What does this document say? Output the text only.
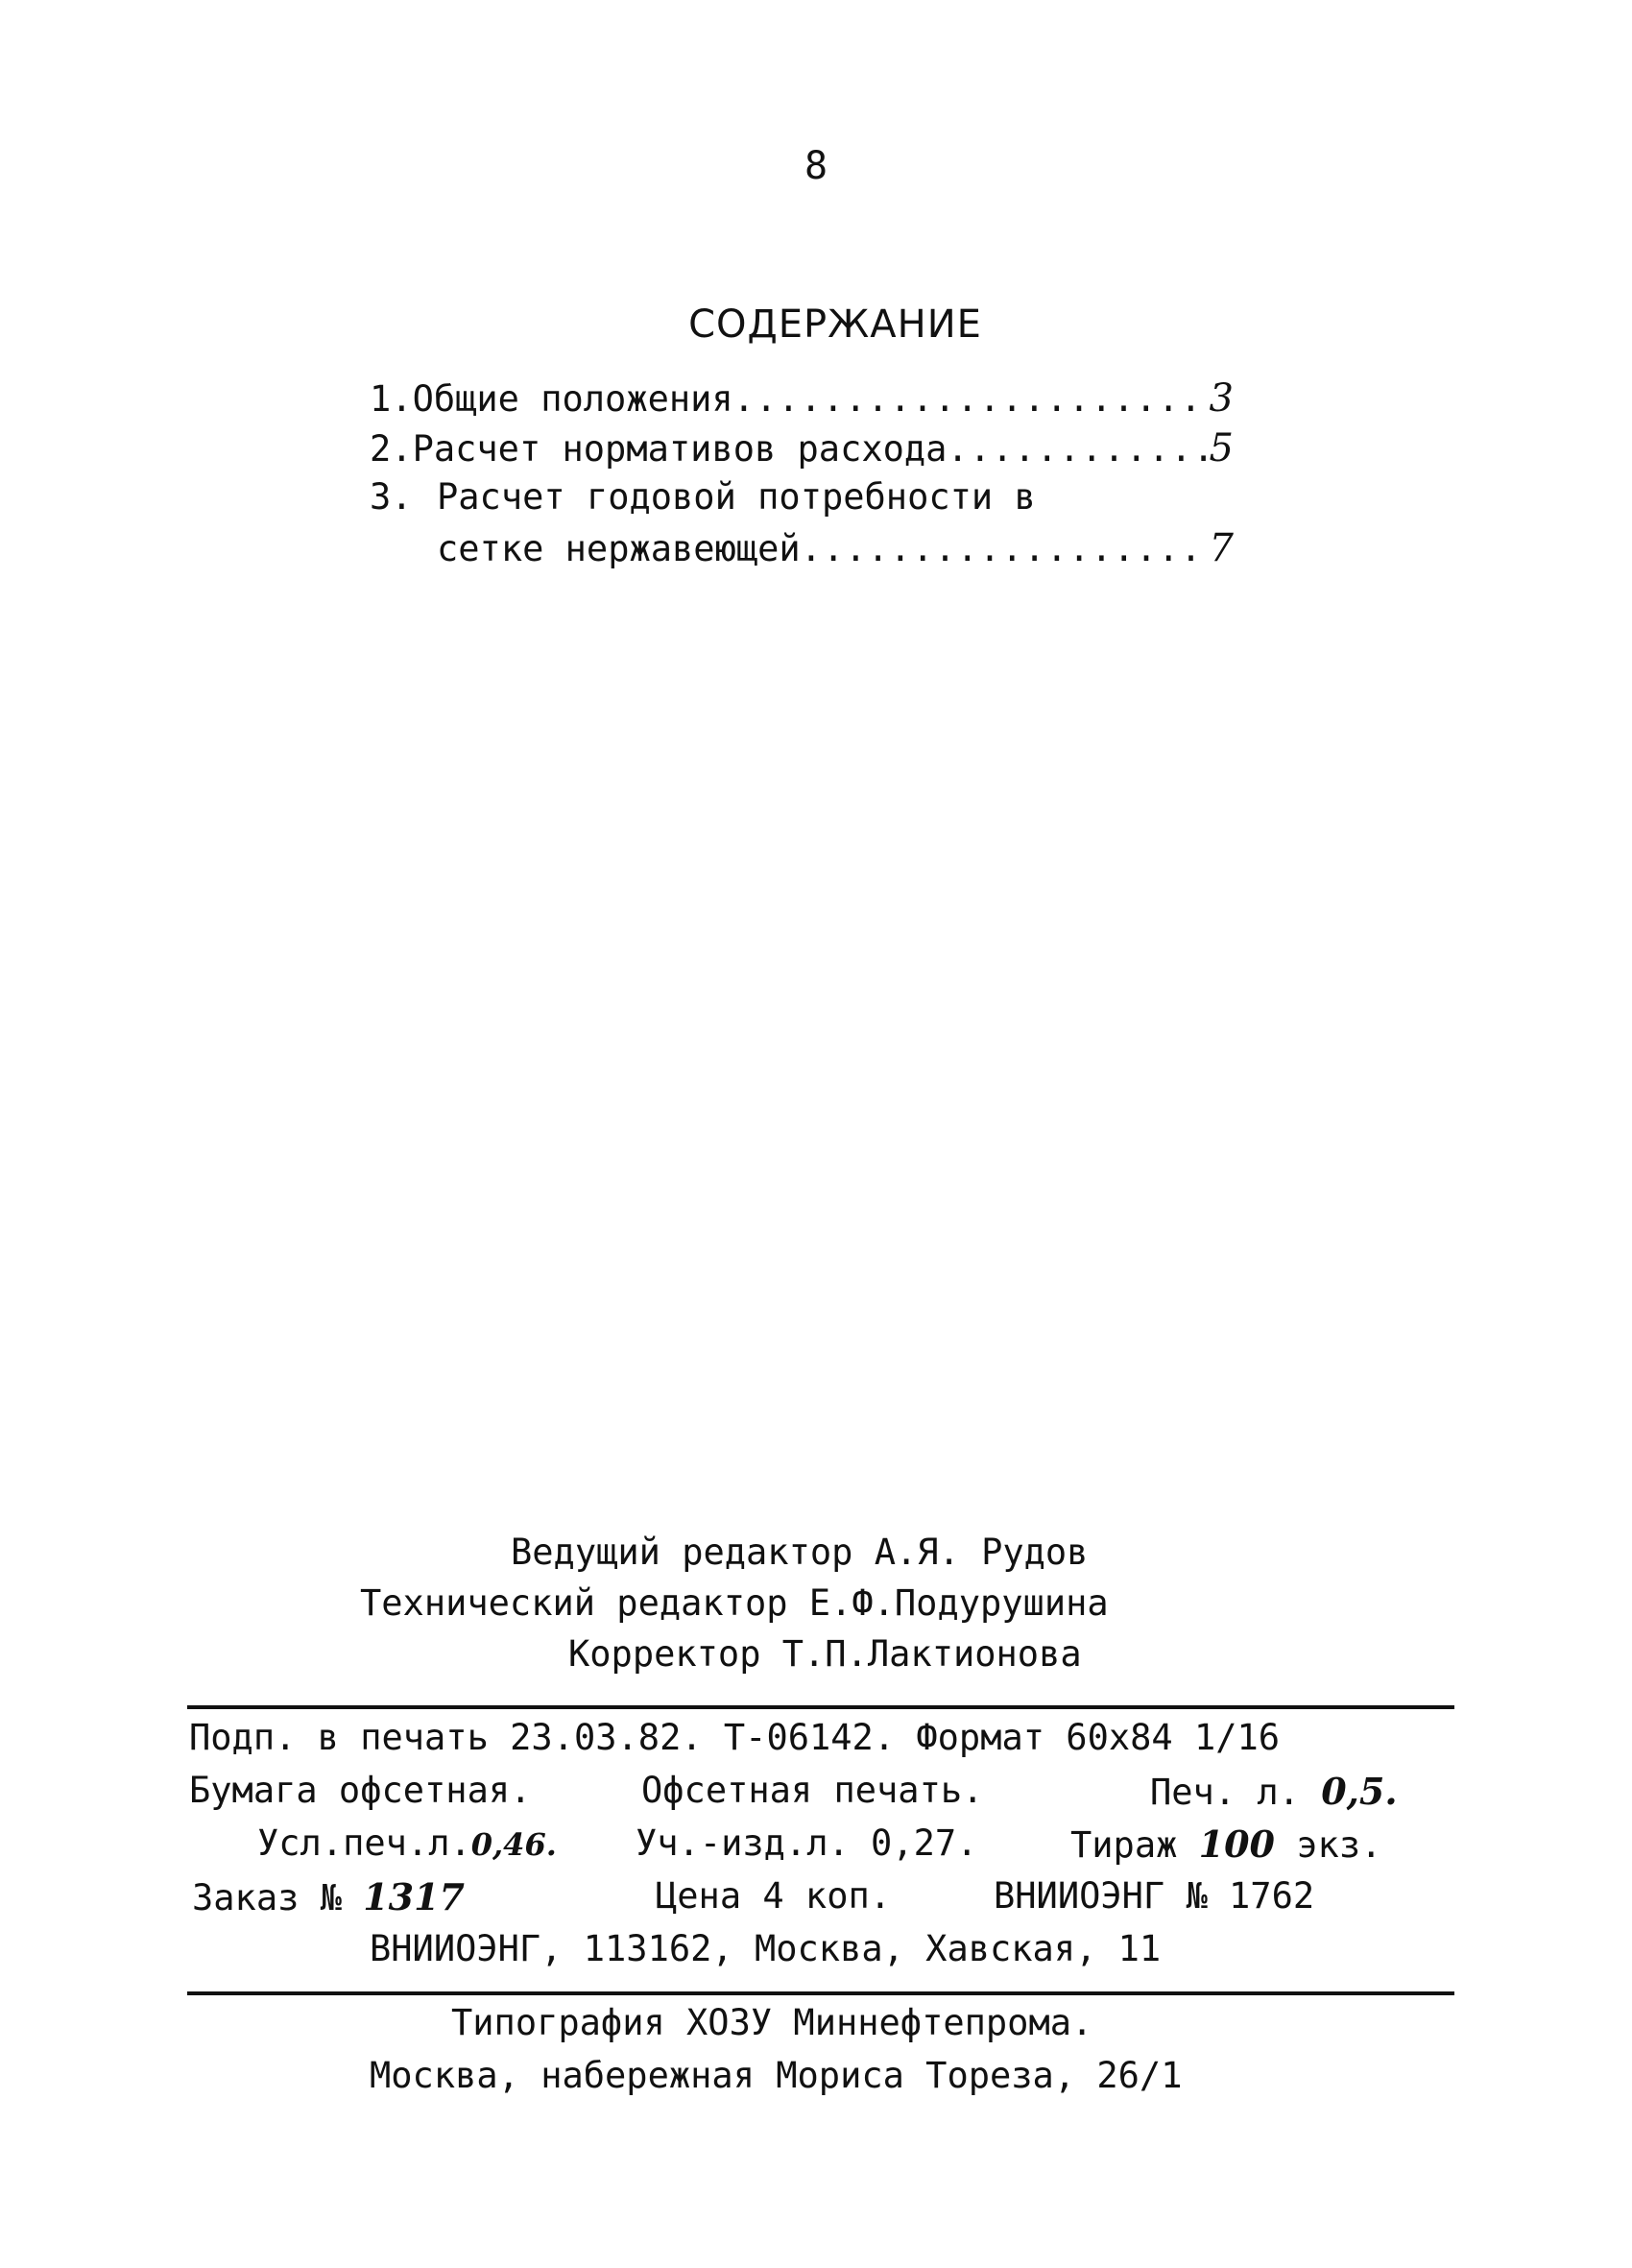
8
СОДЕРЖАНИЕ
1. Общие положения .....	3
2. Расчет нормативов расхода .....	5
3. Расчет годовой потребности в
сетке нержавеющей .....	7
Ведущий редактор А.Я. Рудов
Технический редактор Е.Ф.Подурушина
Корректор Т.П.Лактионова
Подп. в печать 23.03.82. Т-06142. Формат 60х84 1/16
Бумага офсетная.	Офсетная печать.	Печ. л. 0,5.
Усл.печ.л.0,46. Уч.-изд.л. 0,27.	Тираж 100 экз.
Заказ № 1317	Цена 4 коп.	ВНИИОЭНГ № 1762
ВНИИОЭНГ, 113162, Москва, Хавская, 11
Типография ХОЗУ Миннефтепрома.
Москва, набережная Мориса Тореза, 26/1
